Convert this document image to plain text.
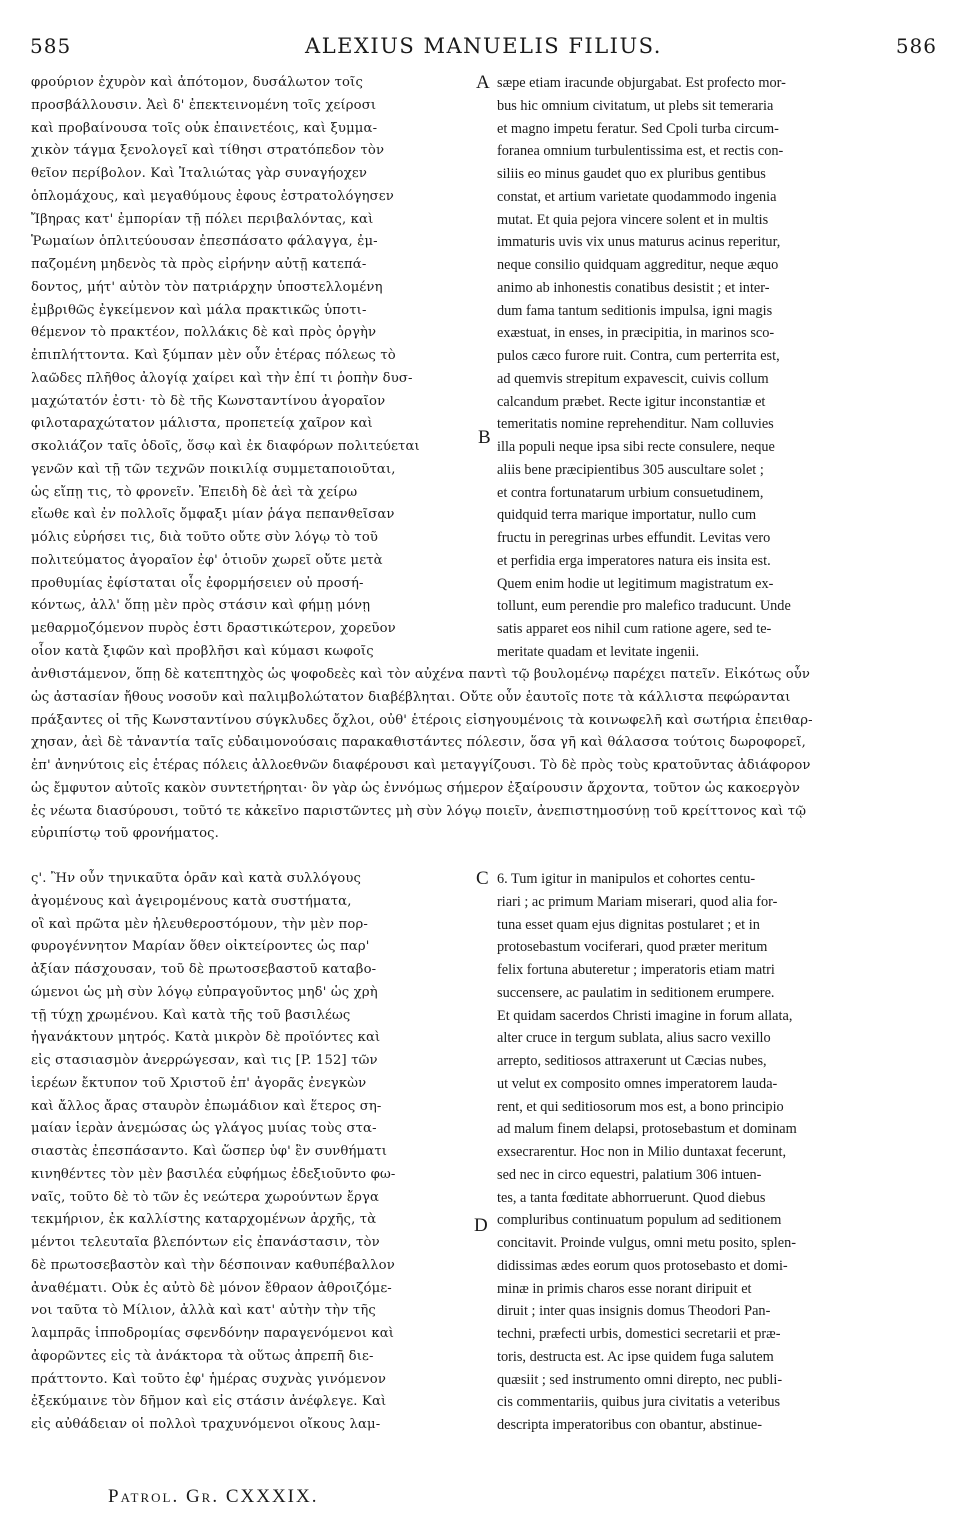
585	ALEXIUS MANUELIS FILIUS.	586
φρούριον ἐχυρὸν καὶ ἀπότομον, δυσάλωτον τοῖς
προσβάλλουσιν. Ἀεὶ δ' ἐπεκτεινομένη τοῖς χείροσι
καὶ προβαίνουσα τοῖς οὐκ ἐπαινετέοις, καὶ ξυμμα-
χικὸν τάγμα ξενολογεῖ καὶ τίθησι στρατόπεδον τὸν
θεῖον περίβολον. Καὶ Ἰταλιώτας γὰρ συναγήοχεν
ὁπλομάχους, καὶ μεγαθύμους ἐφους ἐστρατολόγησεν
Ἴβηρας κατ' ἐμπορίαν τῇ πόλει περιβαλόντας, καὶ
Ῥωμαίων ὁπλιτεύουσαν ἐπεσπάσατο φάλαγγα, ἐμ-
παζομένη μηδενὸς τὰ πρὸς εἰρήνην αὐτῇ κατεπά-
δοντος, μήτ' αὐτὸν τὸν πατριάρχην ὑποστελλομένη
ἐμβριθῶς ἐγκείμενον καὶ μάλα πρακτικῶς ὑποτι-
θέμενον τὸ πρακτέον, πολλάκις δὲ καὶ πρὸς ὀργὴν
ἐπιπλήττοντα. Καὶ ξύμπαν μὲν οὖν ἑτέρας πόλεως τὸ
λαῶδες πλῆθος ἀλογίᾳ χαίρει καὶ τὴν ἐπί τι ῥοπὴν δυσ-
μαχώτατόν ἐστι· τὸ δὲ τῆς Κωνσταντίνου ἀγοραῖον
φιλοταραχώτατον μάλιστα, προπετείᾳ χαῖρον καὶ
σκολιάζον ταῖς ὁδοῖς, ὅσῳ καὶ ἐκ διαφόρων πολιτεύεται
γενῶν καὶ τῇ τῶν τεχνῶν ποικιλίᾳ συμμεταποιοῦται,
ὡς εἴπῃ τις, τὸ φρονεῖν. Ἐπειδὴ δὲ ἀεὶ τὰ χείρω
εἴωθε καὶ ἐν πολλοῖς ὄμφαξι μίαν ῥάγα πεπανθεῖσαν
μόλις εὑρήσει τις, διὰ τοῦτο οὔτε σὺν λόγῳ τὸ τοῦ
πολιτεύματος ἀγοραῖον ἐφ' ὁτιοῦν χωρεῖ οὔτε μετὰ
προθυμίας ἐφίσταται οἷς ἐφορμήσειεν οὐ προσή-
κόντως, ἀλλ' ὅπῃ μὲν πρὸς στάσιν καὶ φήμῃ μόνῃ
μεθαρμοζόμενον πυρὸς ἐστι δραστικώτερον, χορεῦον
οἷον κατὰ ξιφῶν καὶ προβλῆσι καὶ κύμασι κωφοῖς
sæpe etiam iracunde objurgabat. Est profecto mor-
bus hic omnium civitatum, ut plebs sit temeraria
et magno impetu feratur. Sed Cpoli turba circum-
foranea omnium turbulentissima est, et rectis con-
siliis eo minus gaudet quo ex pluribus gentibus
constat, et artium varietate quodammodo ingenia
mutat. Et quia pejora vincere solent et in multis
immaturis uvis vix unus maturus acinus reperitur,
neque consilio quidquam aggreditur, neque æquo
animo ab inhonestis conatibus desistit ; et inter-
dum fama tantum seditionis impulsa, igni magis
exæstuat, in enses, in præcipitia, in marinos sco-
pulos cæco furore ruit. Contra, cum perterrita est,
ad quemvis strepitum expavescit, cuivis collum
calcandum præbet. Recte igitur inconstantiæ et
temeritatis nomine reprehenditur. Nam colluvies
illa populi neque ipsa sibi recte consulere, neque
aliis bene præcipientibus 305 auscultare solet ;
et contra fortunatarum urbium consuetudinem,
quidquid terra marique importatur, nullo cum
fructu in peregrinas urbes effundit. Levitas vero
et perfidia erga imperatores natura eis insita est.
Quem enim hodie ut legitimum magistratum ex-
tollunt, eum perendie pro malefico traducunt. Unde
satis apparet eos nihil cum ratione agere, sed te-
meritate quadam et levitate ingenii.
ἀνθιστάμενον, ὅπῃ δὲ κατεπτηχὸς ὡς ψοφοδεὲς καὶ τὸν αὐχένα παντὶ τῷ βουλομένῳ παρέχει πατεῖν. Εἰκότως οὖν
ὡς ἀστασίαν ἤθους νοσοῦν καὶ παλιμβολώτατον διαβέβληται. Οὔτε οὖν ἑαυτοῖς ποτε τὰ κάλλιστα πεφώρανται
πράξαντες οἱ τῆς Κωνσταντίνου σύγκλυδες ὄχλοι, οὐθ' ἑτέροις εἰσηγουμένοις τὰ κοινωφελῆ καὶ σωτήρια ἐπειθαρ-
χησαν, ἀεὶ δὲ τἀναντία ταῖς εὐδαιμονούσαις παρακαθιστάντες πόλεσιν, ὅσα γῆ καὶ θάλασσα τούτοις δωροφορεῖ,
ἐπ' ἀνηνύτοις εἰς ἑτέρας πόλεις ἀλλοεθνῶν διαφέρουσι καὶ μεταγγίζουσι. Τὸ δὲ πρὸς τοὺς κρατοῦντας ἀδιάφορον
ὡς ἔμφυτον αὐτοῖς κακὸν συντετήρηται· ὃν γὰρ ὡς ἐννόμως σήμερον ἐξαίρουσιν ἄρχοντα, τοῦτον ὡς κακοεργὸν
ἐς νέωτα διασύρουσι, τοῦτό τε κἀκεῖνο παριστῶντες μὴ σὺν λόγῳ ποιεῖν, ἀνεπιστημοσύνῃ τοῦ κρείττονος καὶ τῷ
εὐριπίστῳ τοῦ φρονήματος.
ς'. Ἢν οὖν τηνικαῦτα ὁρᾶν καὶ κατὰ συλλόγους
ἀγομένους καὶ ἀγειρομένους κατὰ συστήματα,
οἳ καὶ πρῶτα μὲν ἠλευθεροστόμουν, τὴν μὲν πορ-
φυρογέννητον Μαρίαν ὅθεν οἰκτείροντες ὡς παρ'
ἀξίαν πάσχουσαν, τοῦ δὲ πρωτοσεβαστοῦ καταβο-
ώμενοι ὡς μὴ σὺν λόγῳ εὐπραγοῦντος μηδ' ὡς χρὴ
τῇ τύχῃ χρωμένου. Καὶ κατὰ τῆς τοῦ βασιλέως
ἠγανάκτουν μητρός. Κατὰ μικρὸν δὲ προϊόντες καὶ
εἰς στασιασμὸν ἀνερρώγεσαν, καὶ τις [P. 152] τῶν
ἱερέων ἔκτυπον τοῦ Χριστοῦ ἐπ' ἀγορᾶς ἐνεγκὼν
καὶ ἄλλος ἄρας σταυρὸν ἐπωμάδιον καὶ ἕτερος ση-
μαίαν ἱερὰν ἀνεμώσας ὡς γλάγος μυίας τοὺς στα-
σιαστὰς ἐπεσπάσαντο. Καὶ ὥσπερ ὑφ' ἓν συνθήματι
κινηθέντες τὸν μὲν βασιλέα εὐφήμως ἐδεξιοῦντο φω-
ναῖς, τοῦτο δὲ τὸ τῶν ἐς νεώτερα χωρούντων ἔργα
τεκμήριον, ἐκ καλλίστης καταρχομένων ἀρχῆς, τὰ
μέντοι τελευταῖα βλεπόντων εἰς ἐπανάστασιν, τὸν
δὲ πρωτοσεβαστὸν καὶ τὴν δέσποιναν καθυπέβαλλον
ἀναθέματι. Οὐκ ἐς αὐτὸ δὲ μόνον ἔθραον ἀθροιζόμε-
νοι ταῦτα τὸ Μίλιον, ἀλλὰ καὶ κατ' αὐτὴν τὴν τῆς
λαμπρᾶς ἱπποδρομίας σφενδόνην παραγενόμενοι καὶ
ἀφορῶντες εἰς τὰ ἀνάκτορα τὰ οὕτως ἀπρεπῆ διε-
πράττοντο. Καὶ τοῦτο ἐφ' ἡμέρας συχνὰς γινόμενον
ἐξεκύμαινε τὸν δῆμον καὶ εἰς στάσιν ἀνέφλεγε. Καὶ
εἰς αὐθάδειαν οἱ πολλοὶ τραχυνόμενοι οἴκους λαμ-
6. Tum igitur in manipulos et cohortes centu-
riari ; ac primum Mariam miserari, quod alia for-
tuna esset quam ejus dignitas postularet ; et in
protosebastum vociferari, quod præter meritum
felix fortuna abuteretur ; imperatoris etiam matri
succensere, ac paulatim in seditionem erumpere.
Et quidam sacerdos Christi imagine in forum allata,
alter cruce in tergum sublata, alius sacro vexillo
arrepto, seditiosos attraxerunt ut Cæcias nubes,
ut velut ex composito omnes imperatorem lauda-
rent, et qui seditiosorum mos est, a bono principio
ad malum finem delapsi, protosebastum et dominam
exsecrarentur. Hoc non in Milio duntaxat fecerunt,
sed nec in circo equestri, palatium 306 intuen-
tes, a tanta fœditate abhorruerunt. Quod diebus
compluribus continuatum populum ad seditionem
concitavit. Proinde vulgus, omni metu posito, splen-
didissimas ædes eorum quos protosebasto et domi-
minæ in primis charos esse norant diripuit et
diruit ; inter quas insignis domus Theodori Pan-
techni, præfecti urbis, domestici secretarii et præ-
toris, destructa est. Ac ipse quidem fuga salutem
quæsiit ; sed instrumento omni direpto, nec publi-
cis commentariis, quibus jura civitatis a veteribus
descripta imperatoribus con obantur, abstinue-
A
B
C
D
Patrol. Gr. CXXXIX.
